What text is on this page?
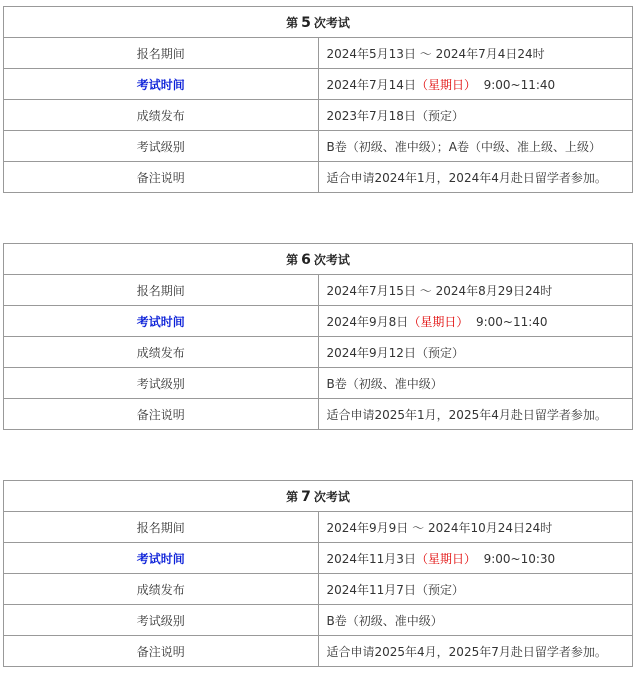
第 5 次考试	
报名期间	2024年5月13日 ～ 2024年7月4日24时
考试时间	2024年7月14日（星期日） 9:00~11:40
成绩发布	2023年7月18日（预定）
考试级别	B卷（初级、准中级）；A卷（中级、准上级、上级）
备注说明	适合申请2024年1月，2024年4月赴日留学者参加。
第 6 次考试	
报名期间	2024年7月15日 ～ 2024年8月29日24时
考试时间	2024年9月8日（星期日） 9:00~11:40
成绩发布	2024年9月12日（预定）
考试级别	B卷（初级、准中级）
备注说明	适合申请2025年1月，2025年4月赴日留学者参加。
第 7 次考试	
报名期间	2024年9月9日 ～ 2024年10月24日24时
考试时间	2024年11月3日（星期日） 9:00~10:30
成绩发布	2024年11月7日（预定）
考试级别	B卷（初级、准中级）
备注说明	适合申请2025年4月，2025年7月赴日留学者参加。
